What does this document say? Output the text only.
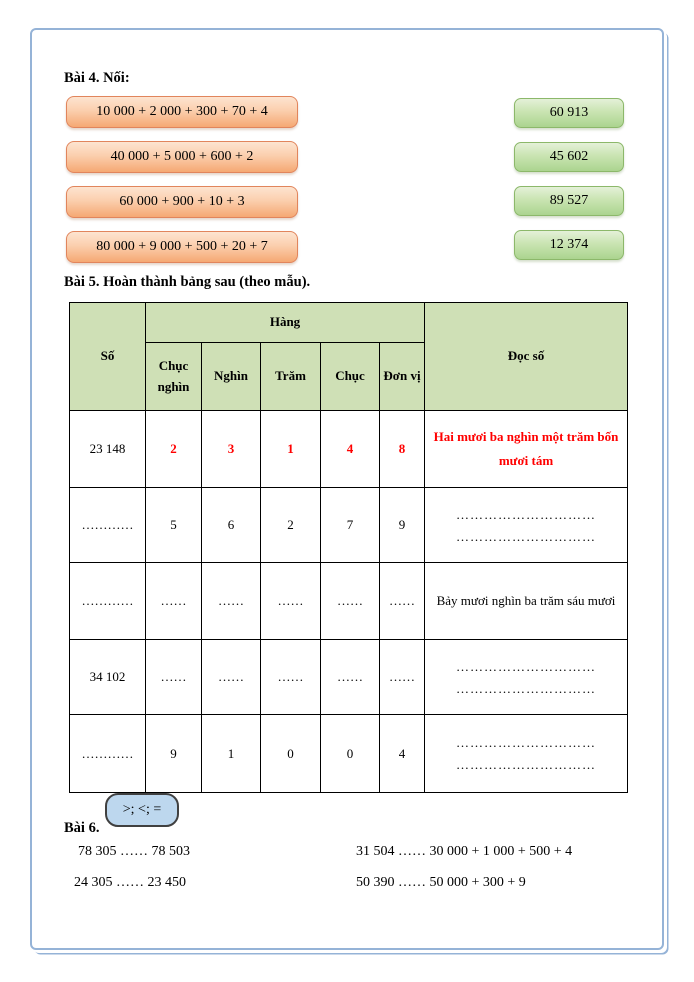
Bài 4. Nối:
10 000 + 2 000 + 300 + 70 + 4
40 000 + 5 000 + 600 + 2
60 000 + 900 + 10 + 3
80 000 + 9 000 + 500 + 20 + 7
60 913
45 602
89 527
12 374
Bài 5. Hoàn thành bảng sau (theo mẫu).
Số	Hàng					Đọc số
	Chục nghìn	Nghìn	Trăm	Chục	Đơn vị	
23 148	2	3	1	4	8	Hai mươi ba nghìn một trăm bốn mươi tám
…………	5	6	2	7	9	…………………………
…………………………

…………	……	……	……	……	……	Bảy mươi nghìn ba trăm sáu mươi
34 102	……	……	……	……	……	…………………………
…………………………

…………	9	1	0	0	4	…………………………
…………………………
>; <; =
Bài 6.
78 305 …… 78 503	31 504 …… 30 000 + 1 000 + 500 + 4
24 305 …… 23 450	50 390 …… 50 000 + 300 + 9
